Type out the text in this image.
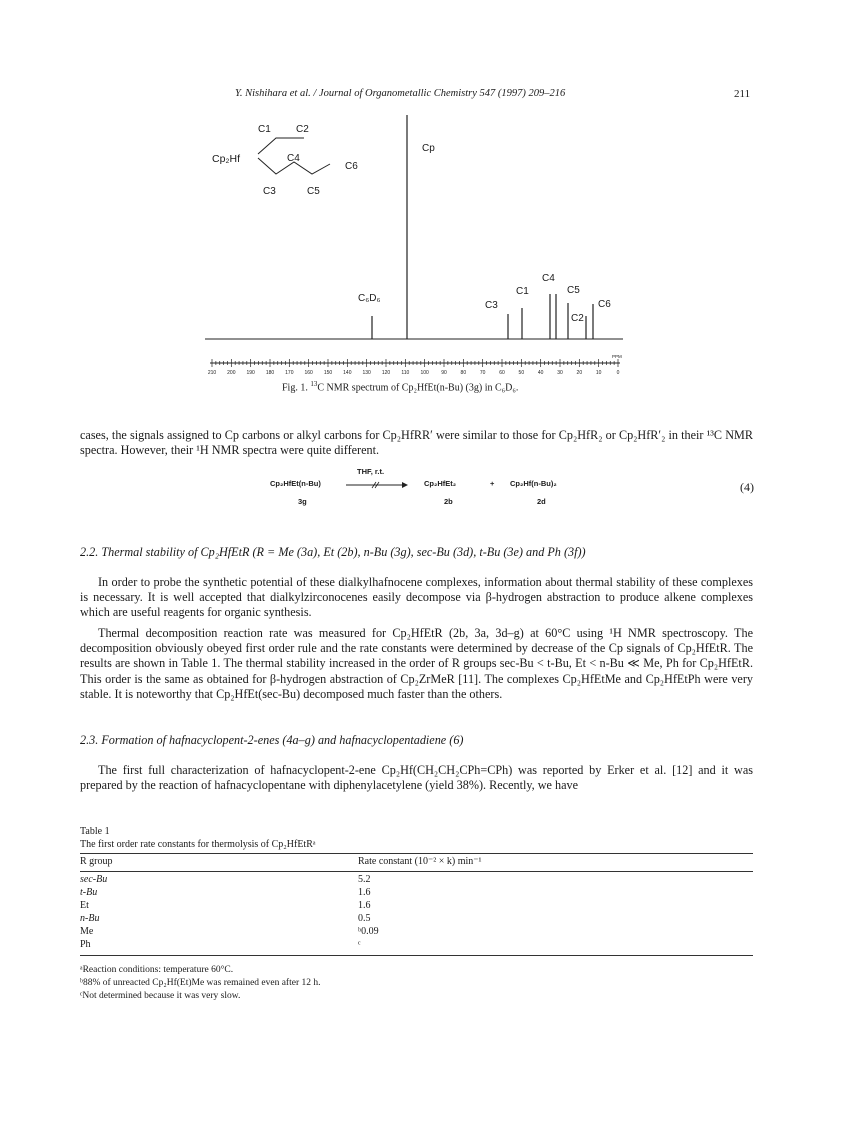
Y. Nishihara et al. / Journal of Organometallic Chemistry 547 (1997) 209–216	211
210 200 190 180 170 160 150 140 130 120 110 100 90	80	70	60	50	40	30	20	10	0
PPM
C1	C2
Cp₂Hf	C4
C6
C3	C5
Cp
C₆D₆
C4
C1	C5
C3	C6
C2
Fig. 1. $^{13}$C NMR spectrum of Cp₂HfEt(n-Bu) (3g) in C₆D₆.

cases, the signals assigned to Cp carbons or alkyl carbons for Cp₂HfRR′ were similar to those for Cp₂HfR₂ or Cp₂HfR′₂ in their ¹³C NMR spectra. However, their ¹H NMR spectra were quite different.

THF, r.t.
Cp₂HfEt(n-Bu) → Cp₂HfEt₂	+ Cp₂Hf(n-Bu)₂
3g	2b	2d
(4)
2.2. Thermal stability of Cp₂HfEtR (R = Me (3a), Et (2b), n-Bu (3g), sec-Bu (3d), t-Bu (3e) and Ph (3f))

In order to probe the synthetic potential of these dialkylhafnocene complexes, information about thermal stability of these complexes is necessary. It is well accepted that dialkylzirconocenes easily decompose via β-hydrogen abstraction to produce alkene complexes which are useful reagents for organic synthesis.

Thermal decomposition reaction rate was measured for Cp₂HfEtR (2b, 3a, 3d–g) at 60°C using ¹H NMR spectroscopy. The decomposition obviously obeyed first order rule and the rate constants were determined by decrease of the Cp signals of Cp₂HfEtR. The results are shown in Table 1. The thermal stability increased in the order of R groups sec-Bu < t-Bu, Et < n-Bu ≪ Me, Ph for Cp₂HfEtR. This order is the same as obtained for β-hydrogen abstraction of Cp₂ZrMeR [11]. The complexes Cp₂HfEtMe and Cp₂HfEtPh were very stable. It is noteworthy that Cp₂HfEt(sec-Bu) decomposed much faster than the others.

2.3. Formation of hafnacyclopent-2-enes (4a–g) and hafnacyclopentadiene (6)

The first full characterization of hafnacyclopent-2-ene Cp₂Hf(CH₂CH₂CPh=CPh) was reported by Erker et al. [12] and it was prepared by the reaction of hafnacyclopentane with diphenylacetylene (yield 38%). Recently, we have

Table 1
The first order rate constants for thermolysis of Cp₂HfEtRᵃ
R group	Rate constant (10⁻² × k) min⁻¹
sec-Bu	5.2
t-Bu	1.6
Et	1.6
n-Bu	0.5
Me	ᵇ0.09
Ph	ᶜ
ᵃReaction conditions: temperature 60°C.
ᵇ88% of unreacted Cp₂Hf(Et)Me was remained even after 12 h.
ᶜNot determined because it was very slow.
